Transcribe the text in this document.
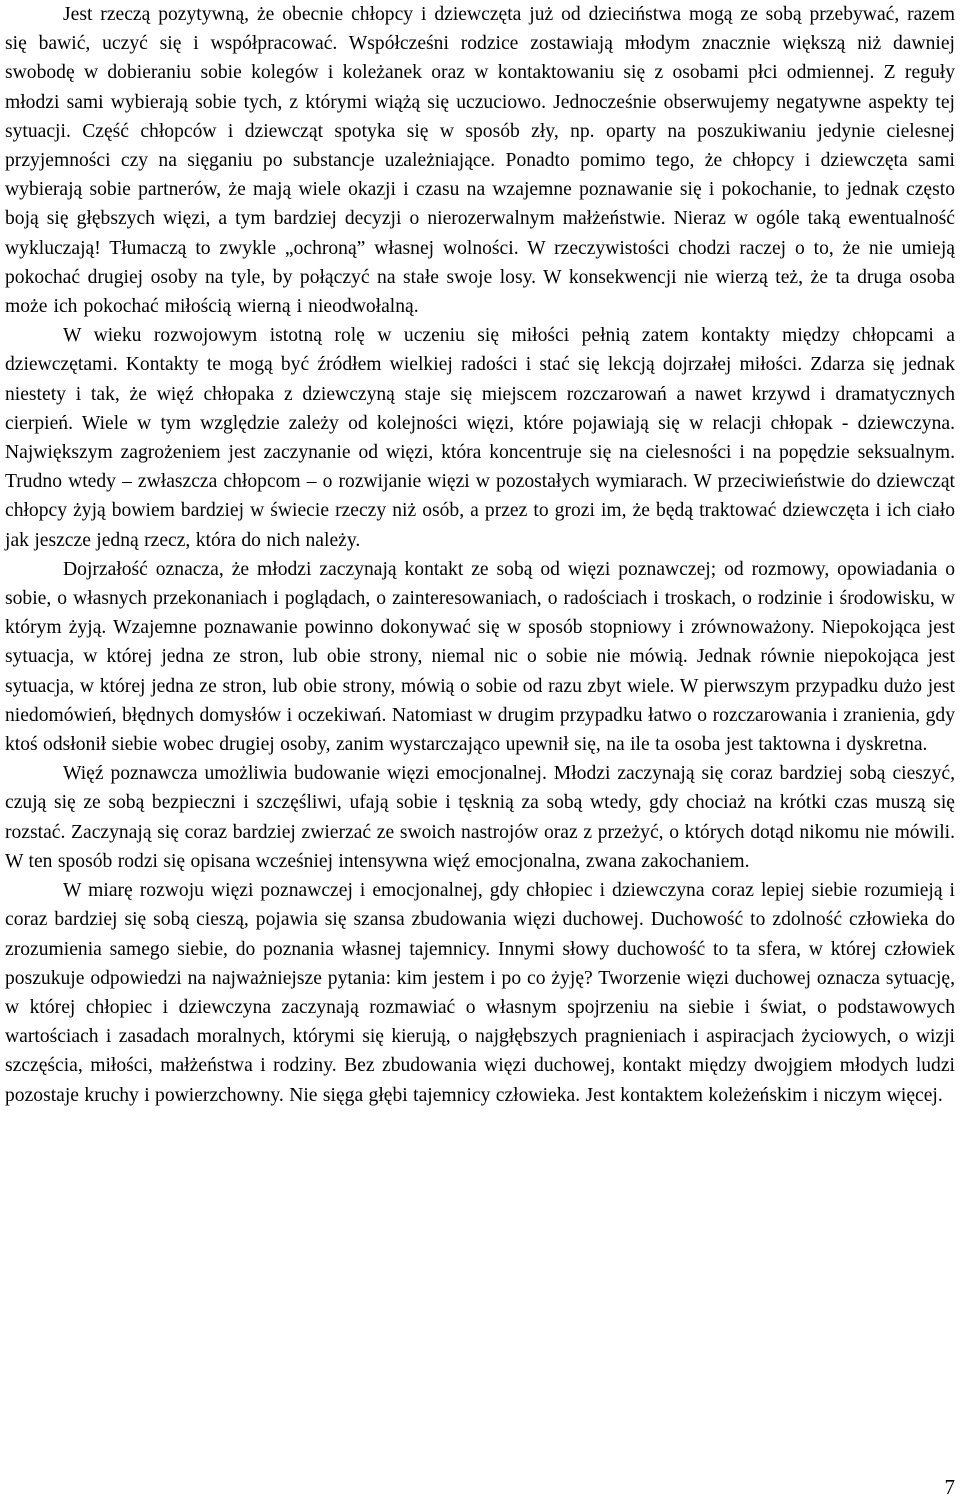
Jest rzeczą pozytywną, że obecnie chłopcy i dziewczęta już od dzieciństwa mogą ze sobą przebywać, razem się bawić, uczyć się i współpracować. Współcześni rodzice zostawiają młodym znacznie większą niż dawniej swobodę w dobieraniu sobie kolegów i koleżanek oraz w kontaktowaniu się z osobami płci odmiennej. Z reguły młodzi sami wybierają sobie tych, z którymi wiążą się uczuciowo. Jednocześnie obserwujemy negatywne aspekty tej sytuacji. Część chłopców i dziewcząt spotyka się w sposób zły, np. oparty na poszukiwaniu jedynie cielesnej przyjemności czy na sięganiu po substancje uzależniające. Ponadto pomimo tego, że chłopcy i dziewczęta sami wybierają sobie partnerów, że mają wiele okazji i czasu na wzajemne poznawanie się i pokochanie, to jednak często boją się głębszych więzi, a tym bardziej decyzji o nierozerwalnym małżeństwie. Nieraz w ogóle taką ewentualność wykluczają! Tłumaczą to zwykle „ochroną” własnej wolności. W rzeczywistości chodzi raczej o to, że nie umieją pokochać drugiej osoby na tyle, by połączyć na stałe swoje losy. W konsekwencji nie wierzą też, że ta druga osoba może ich pokochać miłością wierną i nieodwołalną.

W wieku rozwojowym istotną rolę w uczeniu się miłości pełnią zatem kontakty między chłopcami a dziewczętami. Kontakty te mogą być źródłem wielkiej radości i stać się lekcją dojrzałej miłości. Zdarza się jednak niestety i tak, że więź chłopaka z dziewczyną staje się miejscem rozczarowań a nawet krzywd i dramatycznych cierpień. Wiele w tym względzie zależy od kolejności więzi, które pojawiają się w relacji chłopak - dziewczyna. Największym zagrożeniem jest zaczynanie od więzi, która koncentruje się na cielesności i na popędzie seksualnym. Trudno wtedy – zwłaszcza chłopcom – o rozwijanie więzi w pozostałych wymiarach. W przeciwieństwie do dziewcząt chłopcy żyją bowiem bardziej w świecie rzeczy niż osób, a przez to grozi im, że będą traktować dziewczęta i ich ciało jak jeszcze jedną rzecz, która do nich należy.

Dojrzałość oznacza, że młodzi zaczynają kontakt ze sobą od więzi poznawczej; od rozmowy, opowiadania o sobie, o własnych przekonaniach i poglądach, o zainteresowaniach, o radościach i troskach, o rodzinie i środowisku, w którym żyją. Wzajemne poznawanie powinno dokonywać się w sposób stopniowy i zrównoważony. Niepokojąca jest sytuacja, w której jedna ze stron, lub obie strony, niemal nic o sobie nie mówią. Jednak równie niepokojąca jest sytuacja, w której jedna ze stron, lub obie strony, mówią o sobie od razu zbyt wiele. W pierwszym przypadku dużo jest niedomówień, błędnych domysłów i oczekiwań. Natomiast w drugim przypadku łatwo o rozczarowania i zranienia, gdy ktoś odsłonił siebie wobec drugiej osoby, zanim wystarczająco upewnił się, na ile ta osoba jest taktowna i dyskretna.

Więź poznawcza umożliwia budowanie więzi emocjonalnej. Młodzi zaczynają się coraz bardziej sobą cieszyć, czują się ze sobą bezpieczni i szczęśliwi, ufają sobie i tęsknią za sobą wtedy, gdy chociaż na krótki czas muszą się rozstać. Zaczynają się coraz bardziej zwierzać ze swoich nastrojów oraz z przeżyć, o których dotąd nikomu nie mówili. W ten sposób rodzi się opisana wcześniej intensywna więź emocjonalna, zwana zakochaniem.

W miarę rozwoju więzi poznawczej i emocjonalnej, gdy chłopiec i dziewczyna coraz lepiej siebie rozumieją i coraz bardziej się sobą cieszą, pojawia się szansa zbudowania więzi duchowej. Duchowość to zdolność człowieka do zrozumienia samego siebie, do poznania własnej tajemnicy. Innymi słowy duchowość to ta sfera, w której człowiek poszukuje odpowiedzi na najważniejsze pytania: kim jestem i po co żyję? Tworzenie więzi duchowej oznacza sytuację, w której chłopiec i dziewczyna zaczynają rozmawiać o własnym spojrzeniu na siebie i świat, o podstawowych wartościach i zasadach moralnych, którymi się kierują, o najgłębszych pragnieniach i aspiracjach życiowych, o wizji szczęścia, miłości, małżeństwa i rodziny. Bez zbudowania więzi duchowej, kontakt między dwojgiem młodych ludzi pozostaje kruchy i powierzchowny. Nie sięga głębi tajemnicy człowieka. Jest kontaktem koleżeńskim i niczym więcej.

7
